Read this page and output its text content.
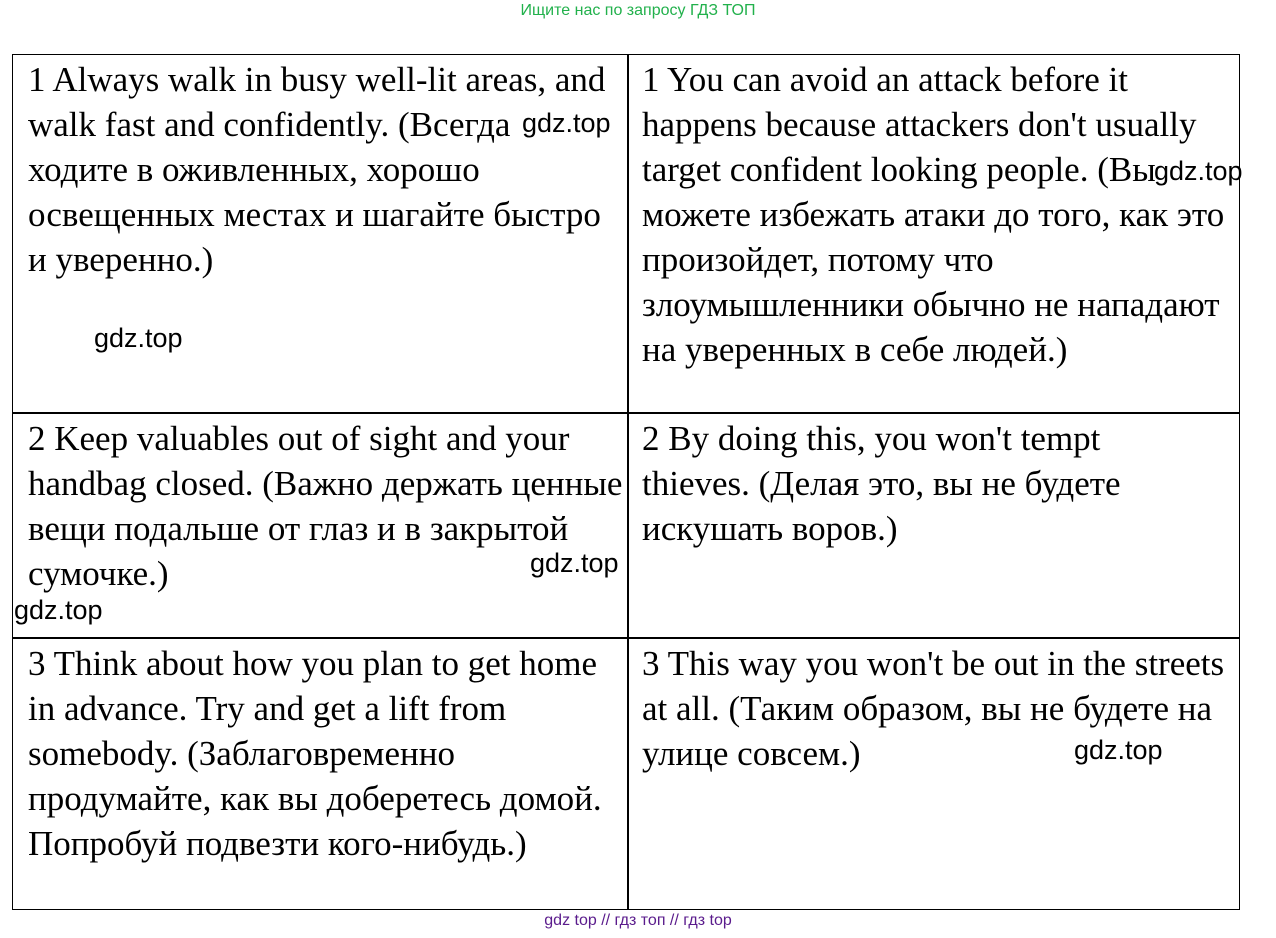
Ищите нас по запросу ГДЗ ТОП

1 Always walk in busy well-lit areas, and walk fast and confidently. (Всегда ходите в оживленных, хорошо освещенных местах и шагайте быстро и уверенно.)

1 You can avoid an attack before it happens because attackers don't usually target confident looking people. (Вы можете избежать атаки до того, как это произойдет, потому что злоумышленники обычно не нападают на уверенных в себе людей.)

2 Keep valuables out of sight and your handbag closed. (Важно держать ценные вещи подальше от глаз и в закрытой сумочке.)

2 By doing this, you won't tempt thieves. (Делая это, вы не будете искушать воров.)

3 Think about how you plan to get home in advance. Try and get a lift from somebody. (Заблаговременно продумайте, как вы доберетесь домой. Попробуй подвезти кого-нибудь.)

3 This way you won't be out in the streets at all. (Таким образом, вы не будете на улице совсем.)

gdz.top
gdz.top
gdz.top
gdz.top
gdz.top
gdz.top
gdz top // гдз топ // гдз top
